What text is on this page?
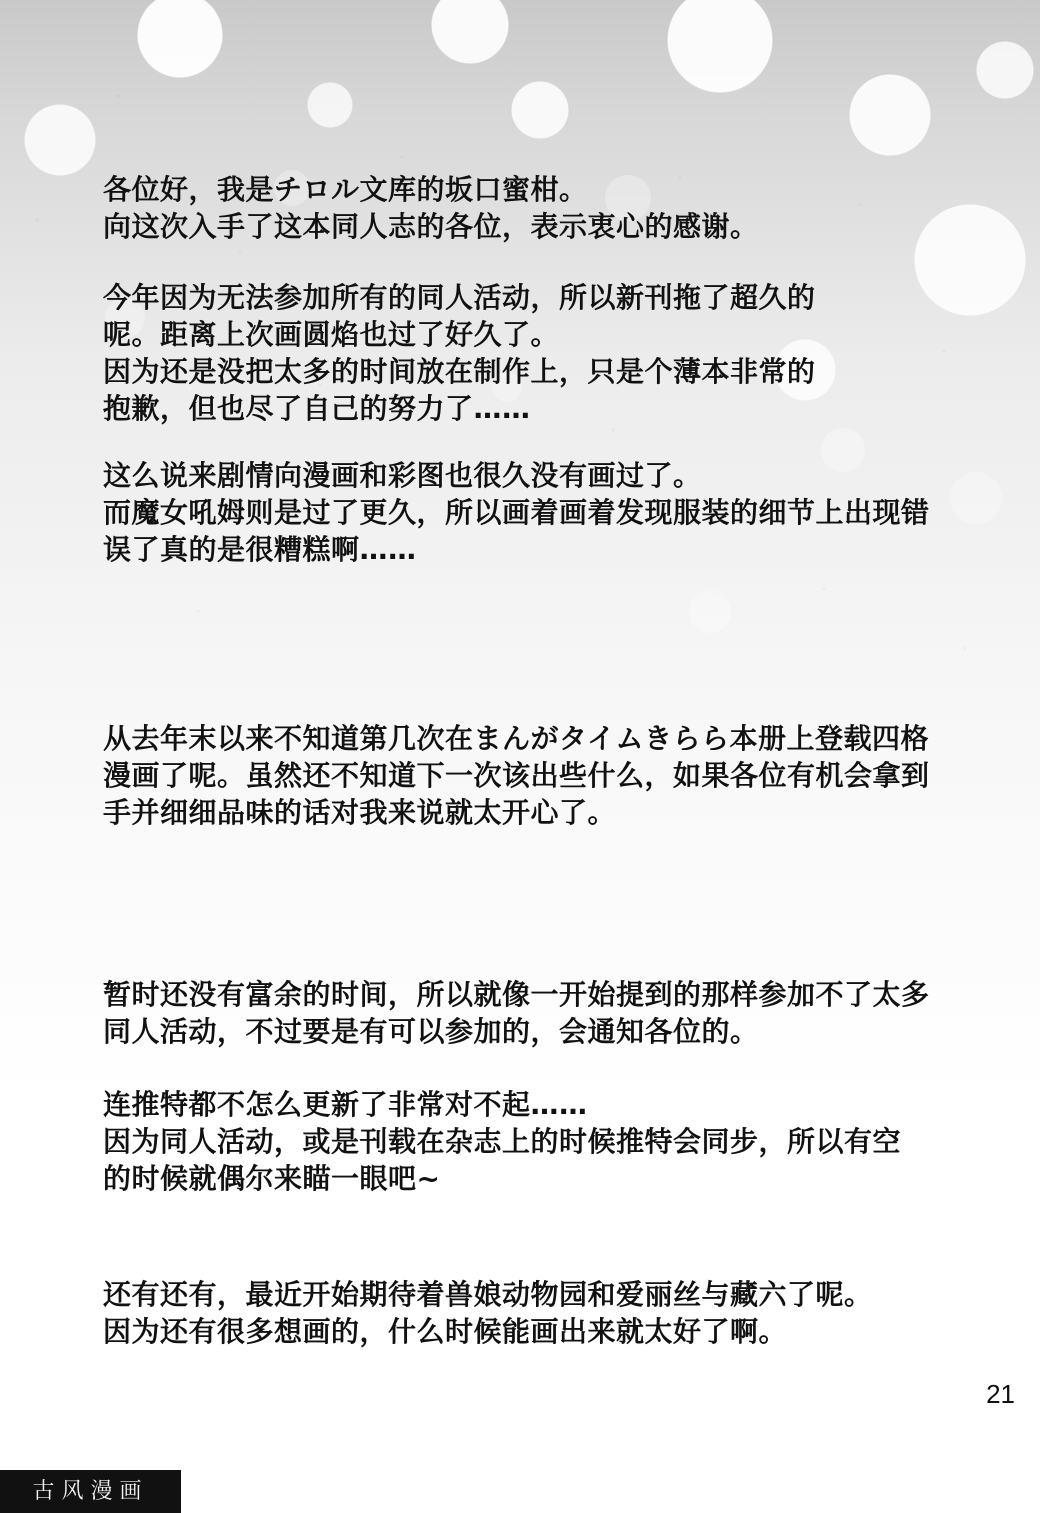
各位好，我是チロル文库的坂口蜜柑。
向这次入手了这本同人志的各位，表示衷心的感谢。
今年因为无法参加所有的同人活动，所以新刊拖了超久的
呢。距离上次画圆焰也过了好久了。
因为还是没把太多的时间放在制作上，只是个薄本非常的
抱歉，但也尽了自己的努力了……
这么说来剧情向漫画和彩图也很久没有画过了。
而魔女吼姆则是过了更久，所以画着画着发现服装的细节上出现错
误了真的是很糟糕啊……
从去年末以来不知道第几次在まんがタイムきらら本册上登载四格
漫画了呢。虽然还不知道下一次该出些什么，如果各位有机会拿到
手并细细品味的话对我来说就太开心了。
暂时还没有富余的时间，所以就像一开始提到的那样参加不了太多
同人活动，不过要是有可以参加的，会通知各位的。
连推特都不怎么更新了非常对不起……
因为同人活动，或是刊载在杂志上的时候推特会同步，所以有空
的时候就偶尔来瞄一眼吧~
还有还有，最近开始期待着兽娘动物园和爱丽丝与藏六了呢。
因为还有很多想画的，什么时候能画出来就太好了啊。
21
古风漫画
